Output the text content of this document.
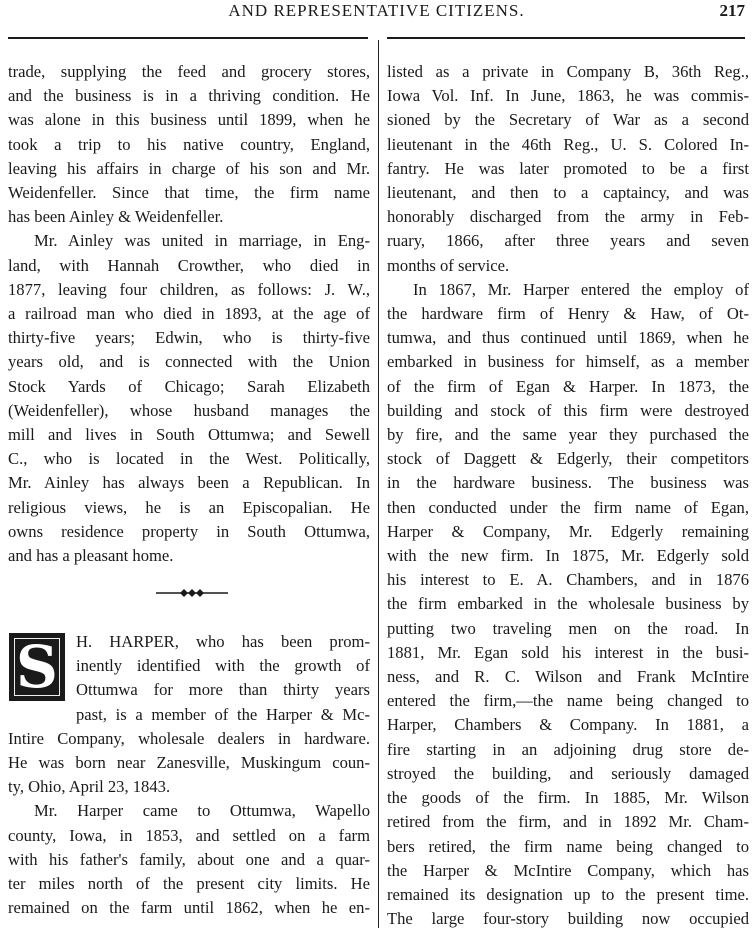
AND REPRESENTATIVE CITIZENS.	217
trade, supplying the feed and grocery stores,
and the business is in a thriving condition. He
was alone in this business until 1899, when he
took a trip to his native country, England,
leaving his affairs in charge of his son and Mr.
Weidenfeller. Since that time, the firm name
has been Ainley & Weidenfeller.
Mr. Ainley was united in marriage, in Eng-
land, with Hannah Crowther, who died in
1877, leaving four children, as follows: J. W.,
a railroad man who died in 1893, at the age of
thirty-five years; Edwin, who is thirty-five
years old, and is connected with the Union
Stock Yards of Chicago; Sarah Elizabeth
(Weidenfeller), whose husband manages the
mill and lives in South Ottumwa; and Sewell
C., who is located in the West. Politically,
Mr. Ainley has always been a Republican. In
religious views, he is an Episcopalian. He
owns residence property in South Ottumwa,
and has a pleasant home.
S	H. HARPER, who has been prom-
inently identified with the growth of
Ottumwa for more than thirty years
past, is a member of the Harper & Mc-
Intire Company, wholesale dealers in hardware.
He was born near Zanesville, Muskingum coun-
ty, Ohio, April 23, 1843.
Mr. Harper came to Ottumwa, Wapello
county, Iowa, in 1853, and settled on a farm
with his father's family, about one and a quar-
ter miles north of the present city limits. He
remained on the farm until 1862, when he en-
listed as a private in Company B, 36th Reg.,
Iowa Vol. Inf. In June, 1863, he was commis-
sioned by the Secretary of War as a second
lieutenant in the 46th Reg., U. S. Colored In-
fantry. He was later promoted to be a first
lieutenant, and then to a captaincy, and was
honorably discharged from the army in Feb-
ruary, 1866, after three years and seven
months of service.
In 1867, Mr. Harper entered the employ of
the hardware firm of Henry & Haw, of Ot-
tumwa, and thus continued until 1869, when he
embarked in business for himself, as a member
of the firm of Egan & Harper. In 1873, the
building and stock of this firm were destroyed
by fire, and the same year they purchased the
stock of Daggett & Edgerly, their competitors
in the hardware business. The business was
then conducted under the firm name of Egan,
Harper & Company, Mr. Edgerly remaining
with the new firm. In 1875, Mr. Edgerly sold
his interest to E. A. Chambers, and in 1876
the firm embarked in the wholesale business by
putting two traveling men on the road. In
1881, Mr. Egan sold his interest in the busi-
ness, and R. C. Wilson and Frank McIntire
entered the firm,—the name being changed to
Harper, Chambers & Company. In 1881, a
fire starting in an adjoining drug store de-
stroyed the building, and seriously damaged
the goods of the firm. In 1885, Mr. Wilson
retired from the firm, and in 1892 Mr. Cham-
bers retired, the firm name being changed to
the Harper & McIntire Company, which has
remained its designation up to the present time.
The large four-story building now occupied
